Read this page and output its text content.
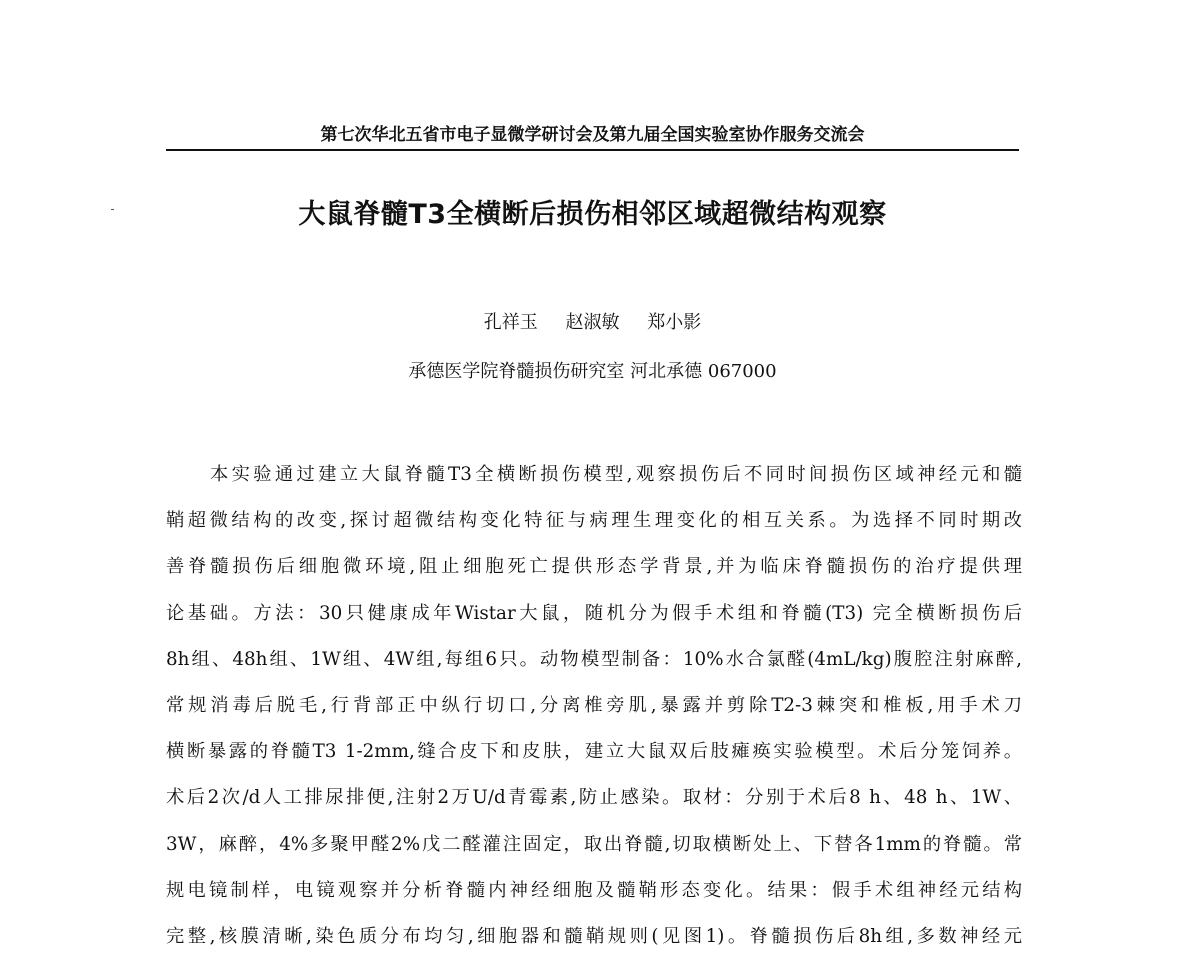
第七次华北五省市电子显微学研讨会及第九届全国实验室协作服务交流会
大鼠脊髓T3全横断后损伤相邻区域超微结构观察
孔祥玉 赵淑敏 郑小影
承德医学院脊髓损伤研究室 河北承德 067000
本实验通过建立大鼠脊髓T3全横断损伤模型,观察损伤后不同时间损伤区域神经元和髓
鞘超微结构的改变,探讨超微结构变化特征与病理生理变化的相互关系。为选择不同时期改
善脊髓损伤后细胞微环境,阻止细胞死亡提供形态学背景,并为临床脊髓损伤的治疗提供理
论基础。方法：30只健康成年Wistar大鼠，随机分为假手术组和脊髓(T3) 完全横断损伤后
8h组、48h组、1W组、4W组,每组6只。动物模型制备：10%水合氯醛(4mL/kg)腹腔注射麻醉,
常规消毒后脱毛,行背部正中纵行切口,分离椎旁肌,暴露并剪除T2-3棘突和椎板,用手术刀
横断暴露的脊髓T3 1-2mm,缝合皮下和皮肤，建立大鼠双后肢瘫痪实验模型。术后分笼饲养。
术后2次/d人工排尿排便,注射2万U/d青霉素,防止感染。取材：分别于术后8 h、48 h、1W、
3W，麻醉，4%多聚甲醛2%戊二醛灌注固定，取出脊髓,切取横断处上、下替各1mm的脊髓。常
规电镜制样，电镜观察并分析脊髓内神经细胞及髓鞘形态变化。结果：假手术组神经元结构
完整,核膜清晰,染色质分布均匀,细胞器和髓鞘规则(见图1)。脊髓损伤后8h组,多数神经元
